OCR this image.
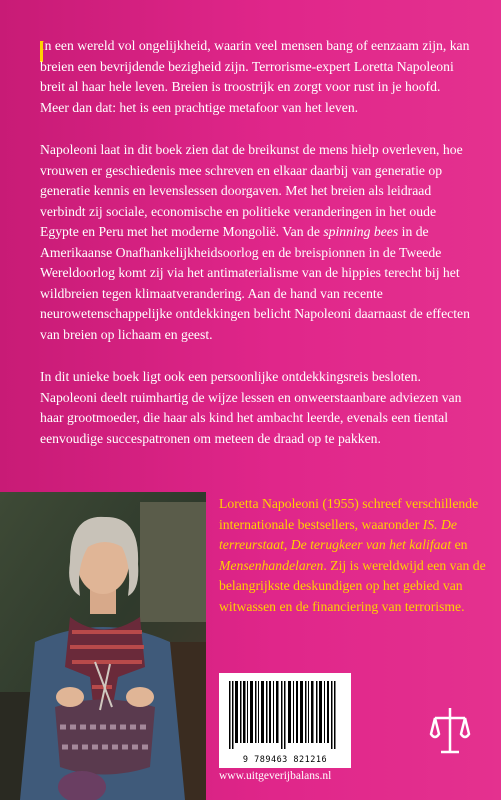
In een wereld vol ongelijkheid, waarin veel mensen bang of eenzaam zijn, kan breien een bevrijdende bezigheid zijn. Terrorisme-expert Loretta Napoleoni breit al haar hele leven. Breien is troostrijk en zorgt voor rust in je hoofd. Meer dan dat: het is een prachtige metafoor van het leven.

Napoleoni laat in dit boek zien dat de breikunst de mens hielp overleven, hoe vrouwen er geschiedenis mee schreven en elkaar daarbij van generatie op generatie kennis en levenslessen doorgaven. Met het breien als leidraad verbindt zij sociale, economische en politieke veranderingen in het oude Egypte en Peru met het moderne Mongolië. Van de spinning bees in de Amerikaanse Onafhankelijkheidsoorlog en de breispionnen in de Tweede Wereldoorlog komt zij via het antimaterialisme van de hippies terecht bij het wildbreien tegen klimaatverandering. Aan de hand van recente neurowetenschappelijke ontdekkingen belicht Napoleoni daarnaast de effecten van breien op lichaam en geest.

In dit unieke boek ligt ook een persoonlijke ontdekkingsreis besloten. Napoleoni deelt ruimhartig de wijze lessen en onweerstaanbare adviezen van haar grootmoeder, die haar als kind het ambacht leerde, evenals een tiental eenvoudige succespatronen om meteen de draad op te pakken.

Loretta Napoleoni (1955) schreef verschillende internationale bestsellers, waaronder IS. De terreurstaat, De terugkeer van het kalifaat en Mensenhandelaren. Zij is wereldwijd een van de belangrijkste deskundigen op het gebied van witwassen en de financiering van terrorisme.
9 789463 821216
www.uitgeverijbalans.nl
